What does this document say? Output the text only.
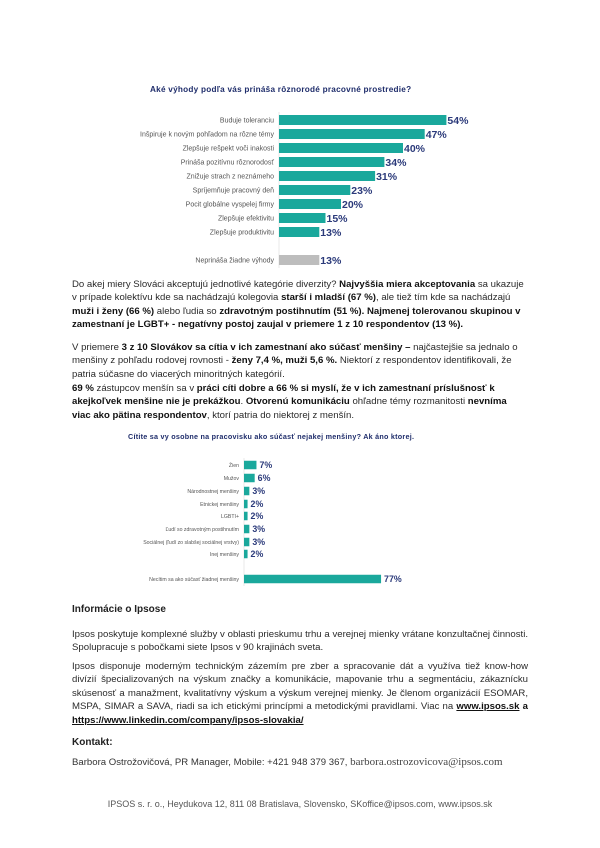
Aké výhody podľa vás prináša rôznorodé pracovné prostredie?
Buduje toleranciu	54%
Inšpiruje k novým pohľadom na rôzne témy	47%
Zlepšuje rešpekt voči inakosti	40%
Prináša pozitívnu rôznorodosť	34%
Znižuje strach z neznámeho	31%
Spríjemňuje pracovný deň	23%
Pocit globálne vyspelej firmy	20%
Zlepšuje efektivitu	15%
Zlepšuje produktivitu	13%
Neprináša žiadne výhody	13%
Do akej miery Slováci akceptujú jednotlivé kategórie diverzity? Najvyššia miera akceptovania sa ukazuje v prípade kolektívu kde sa nachádzajú kolegovia starší i mladší (67 %), ale tiež tím kde sa nachádzajú muži i ženy (66 %) alebo ľudia so zdravotným postihnutím (51 %). Najmenej tolerovanou skupinou v zamestnaní je LGBT+ - negatívny postoj zaujal v priemere 1 z 10 respondentov (13 %).
V priemere 3 z 10 Slovákov sa cítia v ich zamestnaní ako súčasť menšiny – najčastejšie sa jednalo o menšiny z pohľadu rodovej rovnosti - ženy 7,4 %, muži 5,6 %. Niektorí z respondentov identifikovali, že patria súčasne do viacerých minoritných kategórií.
69 % zástupcov menšín sa v práci cíti dobre a 66 % si myslí, že v ich zamestnaní príslušnosť k akejkoľvek menšine nie je prekážkou. Otvorenú komunikáciu ohľadne témy rozmanitosti nevníma viac ako pätina respondentov, ktorí patria do niektorej z menšín.
Cítite sa vy osobne na pracovisku ako súčasť nejakej menšiny? Ak áno ktorej.
Žien 7%
Mužov 6%
Národnostnej menšiny 3%
Etnickej menšiny 2%
LGBTI+ 2%
Ľudí so zdravotným postihnutím 3%
Sociálnej (ľudí zo slabšej sociálnej vrstvy) 3%
Inej menšiny 2%
Necítim sa ako súčasť žiadnej menšiny	77%
Informácie o Ipsose
Ipsos poskytuje komplexné služby v oblasti prieskumu trhu a verejnej mienky vrátane konzultačnej činnosti. Spolupracuje s pobočkami siete Ipsos v 90 krajinách sveta.
Ipsos disponuje moderným technickým zázemím pre zber a spracovanie dát a využíva tiež know-how divízií špecializovaných na výskum značky a komunikácie, mapovanie trhu a segmentáciu, zákaznícku skúsenosť a manažment, kvalitatívny výskum a výskum verejnej mienky. Je členom organizácií ESOMAR, MSPA, SIMAR a SAVA, riadi sa ich etickými princípmi a metodickými pravidlami. Viac na www.ipsos.sk a https://www.linkedin.com/company/ipsos-slovakia/
Kontakt:
Barbora Ostrožovičová, PR Manager, Mobile: +421 948 379 367, barbora.ostrozovicova@ipsos.com
IPSOS s. r. o., Heydukova 12, 811 08 Bratislava, Slovensko, SKoffice@ipsos.com, www.ipsos.sk
